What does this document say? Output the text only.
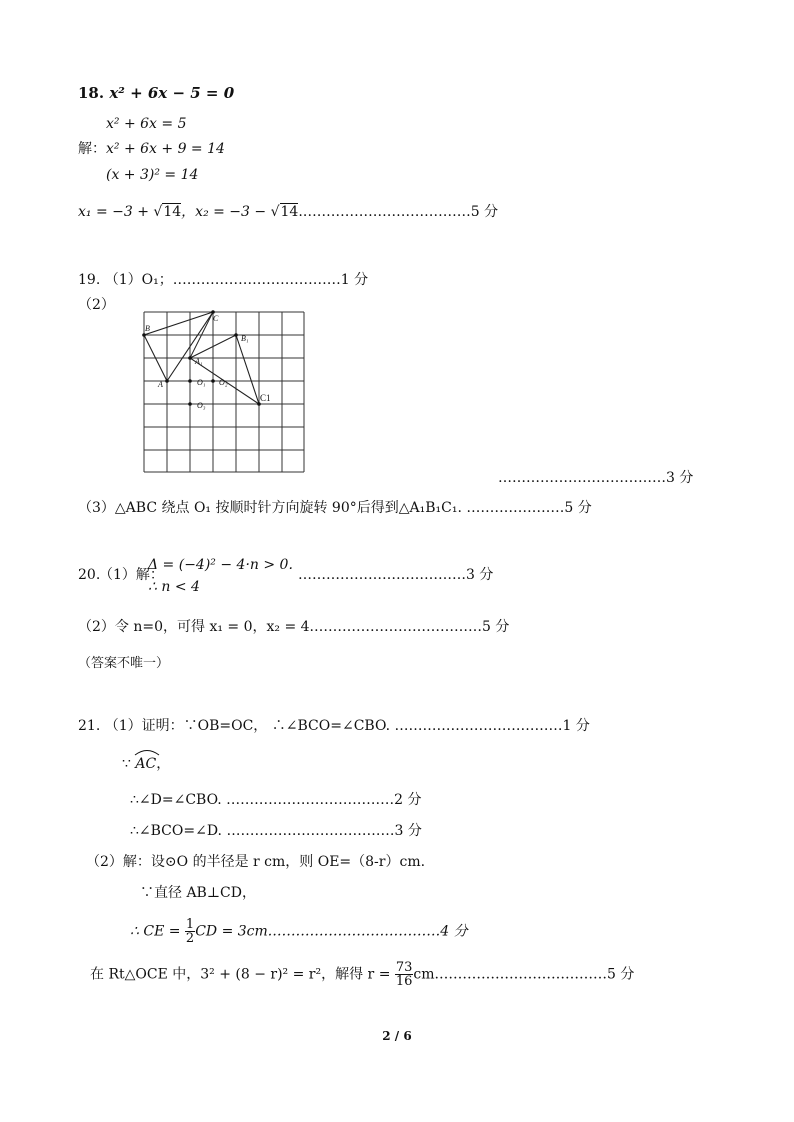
18. x² + 6x − 5 = 0
x² + 6x = 5
解：x² + 6x + 9 = 14
(x + 3)² = 14
x₁ = −3 + √14，x₂ = −3 − √14.………………………………5 分
19. （1）O₁；………………………………1 分
（2）
A
B
C
A₁
B₁
C1
O₁ O₂
O₃
………………………………3 分
（3）△ABC 绕点 O₁ 按顺时针方向旋转 90°后得到△A₁B₁C₁. …………………5 分
20.
（1）解：
Δ = (−4)² − 4·n > 0.
∴ n < 4
………………………………3 分
（2）令 n=0，可得 x₁ = 0，x₂ = 4.………………………………5 分
（答案不唯一）
21. （1）证明：∵OB=OC， ∴∠BCO=∠CBO. ………………………………1 分
∵
AC，
∴∠D=∠CBO. ………………………………2 分
∴∠BCO=∠D. ………………………………3 分
（2）解：设⊙O 的半径是 r cm，则 OE=（8-r）cm.
∵直径 AB⊥CD，
∴ CE = $\frac{1}{2}$ CD = 3cm.………………………………4 分
在 Rt△OCE 中，3² + (8 − r)² = r²，解得 $r = \frac{73}{16}$ cm.………………………………5 分
2 / 6
